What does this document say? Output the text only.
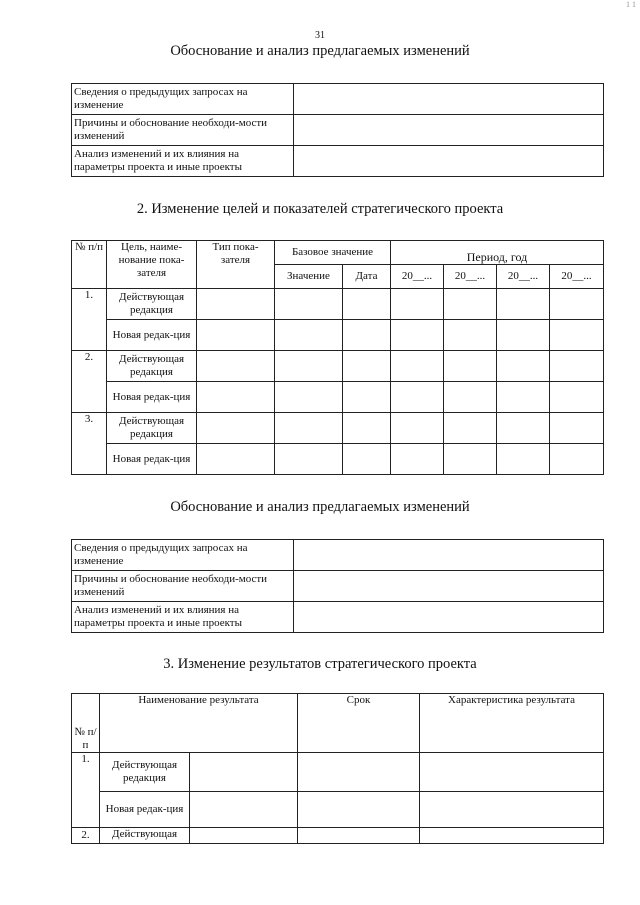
31
1 1
Обоснование и анализ предлагаемых изменений
Сведения о предыдущих запросах на изменение	
Причины и обоснование необходи-мости изменений	
Анализ изменений и их влияния на параметры проекта и иные проекты	
2. Изменение целей и показателей стратегического проекта
№ п/п	Цель, наиме-нование пока-зателя	Тип пока-зателя	Базовое значение		Период, год			
			Значение	Дата	20__...	20__...	20__...	20__...
1.	Действующая редакция							
	Новая редак-ция							
2.	Действующая редакция							
	Новая редак-ция							
3.	Действующая редакция							
	Новая редак-ция							
Обоснование и анализ предлагаемых изменений
Сведения о предыдущих запросах на изменение	
Причины и обоснование необходи-мости изменений	
Анализ изменений и их влияния на параметры проекта и иные проекты	
3. Изменение результатов стратегического проекта
№ п/п	Наименование результата		Срок	Характеристика результата
1.	Действующая редакция			
	Новая редак-ция			
2.	Действующая			
